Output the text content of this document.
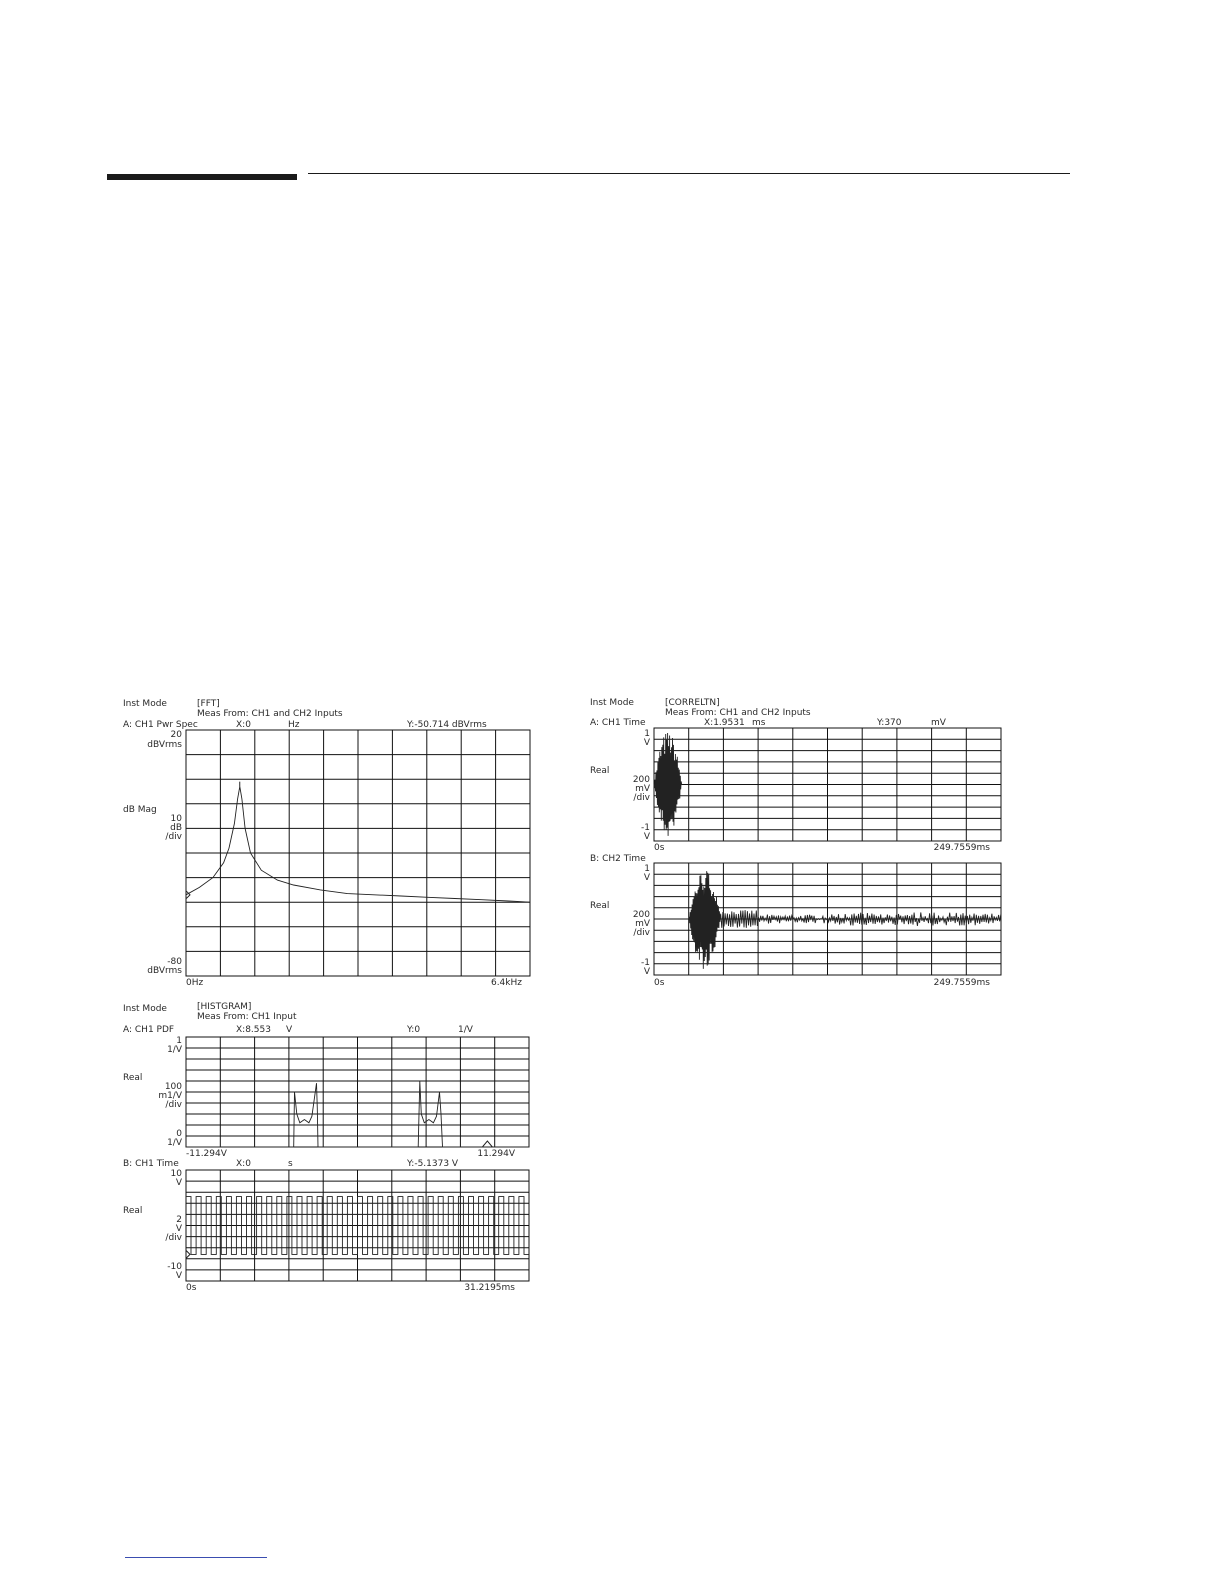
Inst Mode	[FFT]
Meas From: CH1 and CH2 Inputs
A: CH1 Pwr Spec	X:0	Hz	Y:-50.714 dBVrms
20
dBVrms
dB Mag
10
dB
/div
-80
dBVrms
0Hz	6.4kHz
Inst Mode	[CORRELTN]
Meas From: CH1 and CH2 Inputs
A: CH1 Time	X:1.9531 ms	Y:370	mV
1
V
Real
200
mV
/div
-1
V
0s	249.7559ms
B: CH2 Time
1
V
Real
200
mV
/div
-1
V
0s	249.7559ms
Inst Mode	[HISTGRAM]
Meas From: CH1 Input
A: CH1 PDF	X:8.553 V	Y:0	1/V
1
1/V
Real
100
m1/V
/div
0
1/V
-11.294V	11.294V
B: CH1 Time	X:0	s	Y:-5.1373 V
10
V
Real
2
V
/div
-10
V
0s	31.2195ms
